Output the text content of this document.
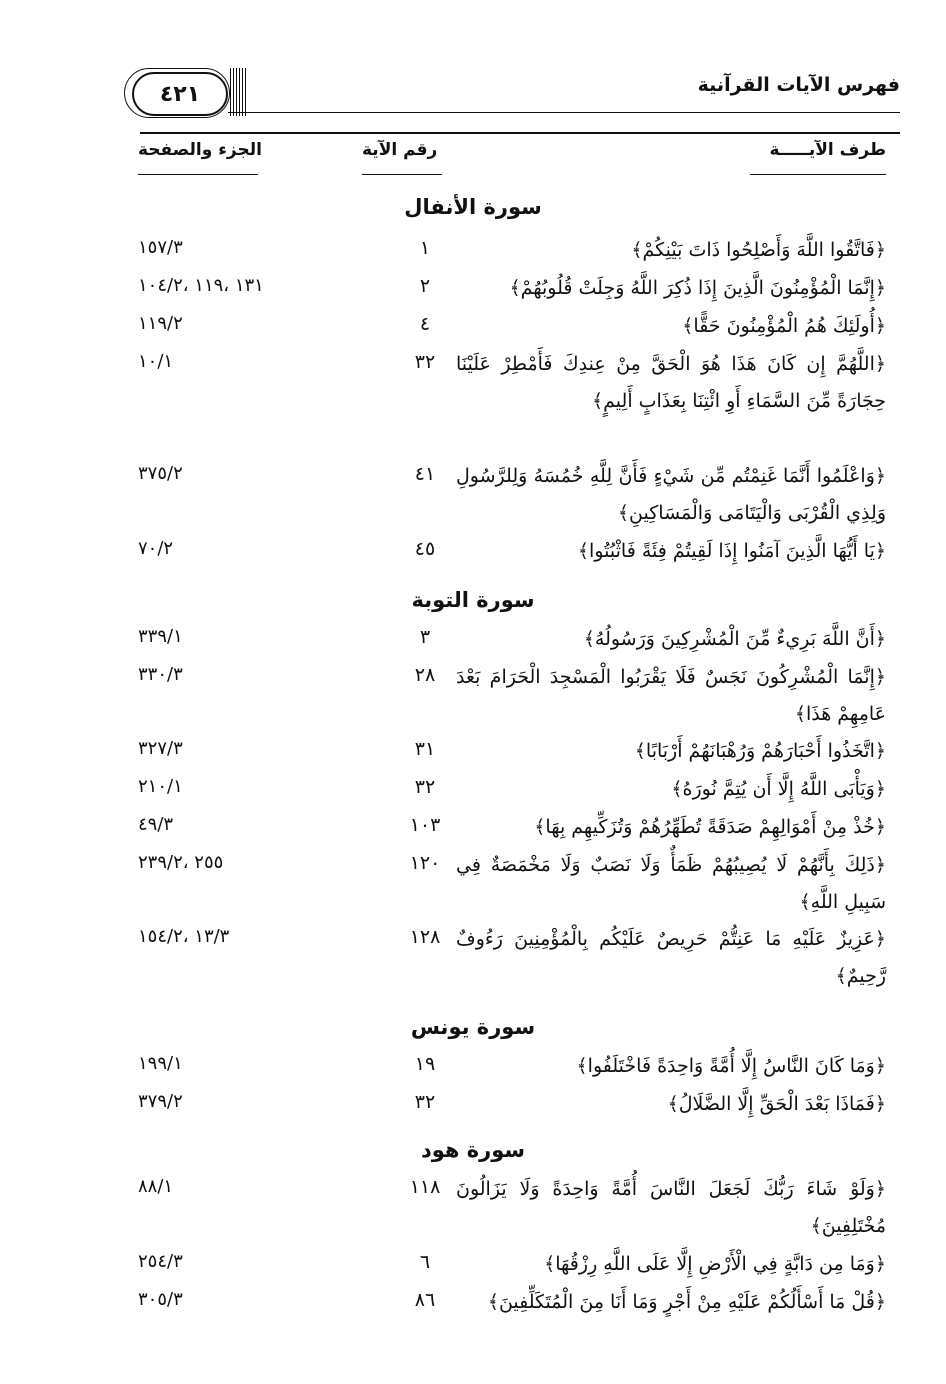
٤٢١	فهرس الآيات القرآنية
طرف الآيـــــة
رقم الآية
الجزء والصفحة
سورة الأنفال
﴿فَاتَّقُوا اللَّهَ وَأَصْلِحُوا ذَاتَ بَيْنِكُمْ﴾
١
١٥٧/٣
﴿إِنَّمَا الْمُؤْمِنُونَ الَّذِينَ إِذَا ذُكِرَ اللَّهُ وَجِلَتْ قُلُوبُهُمْ﴾
٢
١٣١ ،١١٩ ،١٠٤/٢
﴿أُولَئِكَ هُمُ الْمُؤْمِنُونَ حَقًّا﴾
٤
١١٩/٢
﴿اللَّهُمَّ إِن كَانَ هَذَا هُوَ الْحَقَّ مِنْ عِندِكَ فَأَمْطِرْ عَلَيْنَا حِجَارَةً مِّنَ السَّمَاءِ أَوِ ائْتِنَا بِعَذَابٍ أَلِيمٍ﴾
٣٢
١٠/١
﴿وَاعْلَمُوا أَنَّمَا غَنِمْتُم مِّن شَيْءٍ فَأَنَّ لِلَّهِ خُمُسَهُ وَلِلرَّسُولِ وَلِذِي الْقُرْبَى وَالْيَتَامَى وَالْمَسَاكِينِ﴾
٤١
٣٧٥/٢
﴿يَا أَيُّهَا الَّذِينَ آمَنُوا إِذَا لَقِيتُمْ فِئَةً فَاثْبُتُوا﴾
٤٥
٧٠/٢
سورة التوبة
﴿أَنَّ اللَّهَ بَرِيءٌ مِّنَ الْمُشْرِكِينَ وَرَسُولُهُ﴾
٣
٣٣٩/١
﴿إِنَّمَا الْمُشْرِكُونَ نَجَسٌ فَلَا يَقْرَبُوا الْمَسْجِدَ الْحَرَامَ بَعْدَ عَامِهِمْ هَذَا﴾
٢٨
٣٣٠/٣
﴿اتَّخَذُوا أَحْبَارَهُمْ وَرُهْبَانَهُمْ أَرْبَابًا﴾
٣١
٣٢٧/٣
﴿وَيَأْبَى اللَّهُ إِلَّا أَن يُتِمَّ نُورَهُ﴾
٣٢
٢١٠/١
﴿خُذْ مِنْ أَمْوَالِهِمْ صَدَقَةً تُطَهِّرُهُمْ وَتُزَكِّيهِم بِهَا﴾
١٠٣
٤٩/٣
﴿ذَلِكَ بِأَنَّهُمْ لَا يُصِيبُهُمْ ظَمَأٌ وَلَا نَصَبٌ وَلَا مَخْمَصَةٌ فِي سَبِيلِ اللَّهِ﴾
١٢٠
٢٥٥ ،٢٣٩/٢
﴿عَزِيزٌ عَلَيْهِ مَا عَنِتُّمْ حَرِيصٌ عَلَيْكُم بِالْمُؤْمِنِينَ رَءُوفٌ رَّحِيمٌ﴾
١٢٨
١٣/٣ ،١٥٤/٢
سورة يونس
﴿وَمَا كَانَ النَّاسُ إِلَّا أُمَّةً وَاحِدَةً فَاخْتَلَفُوا﴾
١٩
١٩٩/١
﴿فَمَاذَا بَعْدَ الْحَقِّ إِلَّا الضَّلَالُ﴾
٣٢
٣٧٩/٢
سورة هود
﴿وَلَوْ شَاءَ رَبُّكَ لَجَعَلَ النَّاسَ أُمَّةً وَاحِدَةً وَلَا يَزَالُونَ مُخْتَلِفِينَ﴾
١١٨
٨٨/١
﴿وَمَا مِن دَابَّةٍ فِي الْأَرْضِ إِلَّا عَلَى اللَّهِ رِزْقُهَا﴾
٦
٢٥٤/٣
﴿قُلْ مَا أَسْأَلُكُمْ عَلَيْهِ مِنْ أَجْرٍ وَمَا أَنَا مِنَ الْمُتَكَلِّفِينَ﴾
٨٦
٣٠٥/٣
